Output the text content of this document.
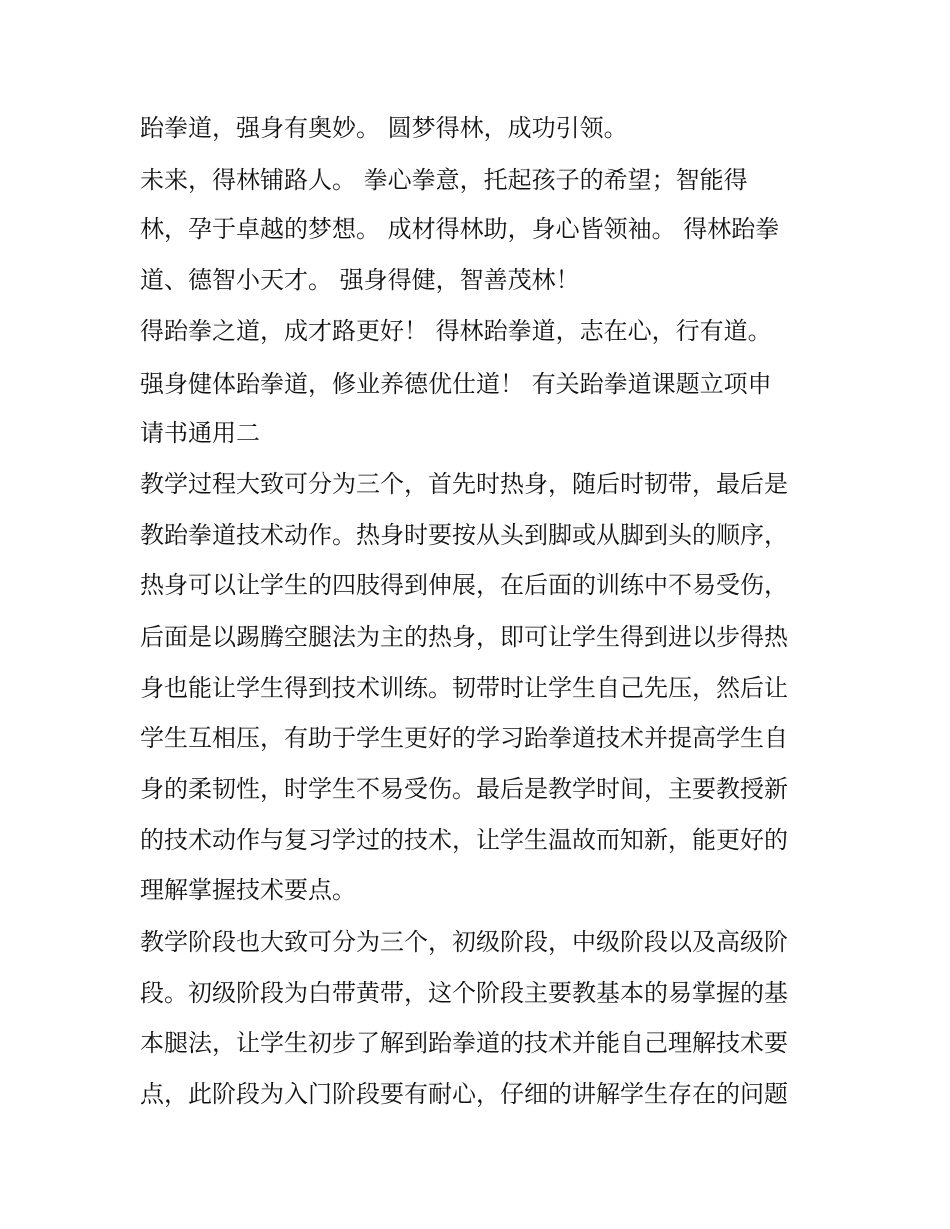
跆拳道，强身有奥妙。 圆梦得林，成功引领。
未来，得林铺路人。 拳心拳意，托起孩子的希望；智能得
林，孕于卓越的梦想。 成材得林助，身心皆领袖。 得林跆拳
道、德智小天才。 强身得健，智善茂林！
得跆拳之道，成才路更好！ 得林跆拳道，志在心，行有道。
强身健体跆拳道，修业养德优仕道！ 有关跆拳道课题立项申
请书通用二
教学过程大致可分为三个，首先时热身，随后时韧带，最后是
教跆拳道技术动作。热身时要按从头到脚或从脚到头的顺序，
热身可以让学生的四肢得到伸展，在后面的训练中不易受伤，
后面是以踢腾空腿法为主的热身，即可让学生得到进以步得热
身也能让学生得到技术训练。韧带时让学生自己先压，然后让
学生互相压，有助于学生更好的学习跆拳道技术并提高学生自
身的柔韧性，时学生不易受伤。最后是教学时间，主要教授新
的技术动作与复习学过的技术，让学生温故而知新，能更好的
理解掌握技术要点。
教学阶段也大致可分为三个，初级阶段，中级阶段以及高级阶
段。初级阶段为白带黄带，这个阶段主要教基本的易掌握的基
本腿法，让学生初步了解到跆拳道的技术并能自己理解技术要
点，此阶段为入门阶段要有耐心，仔细的讲解学生存在的问题
